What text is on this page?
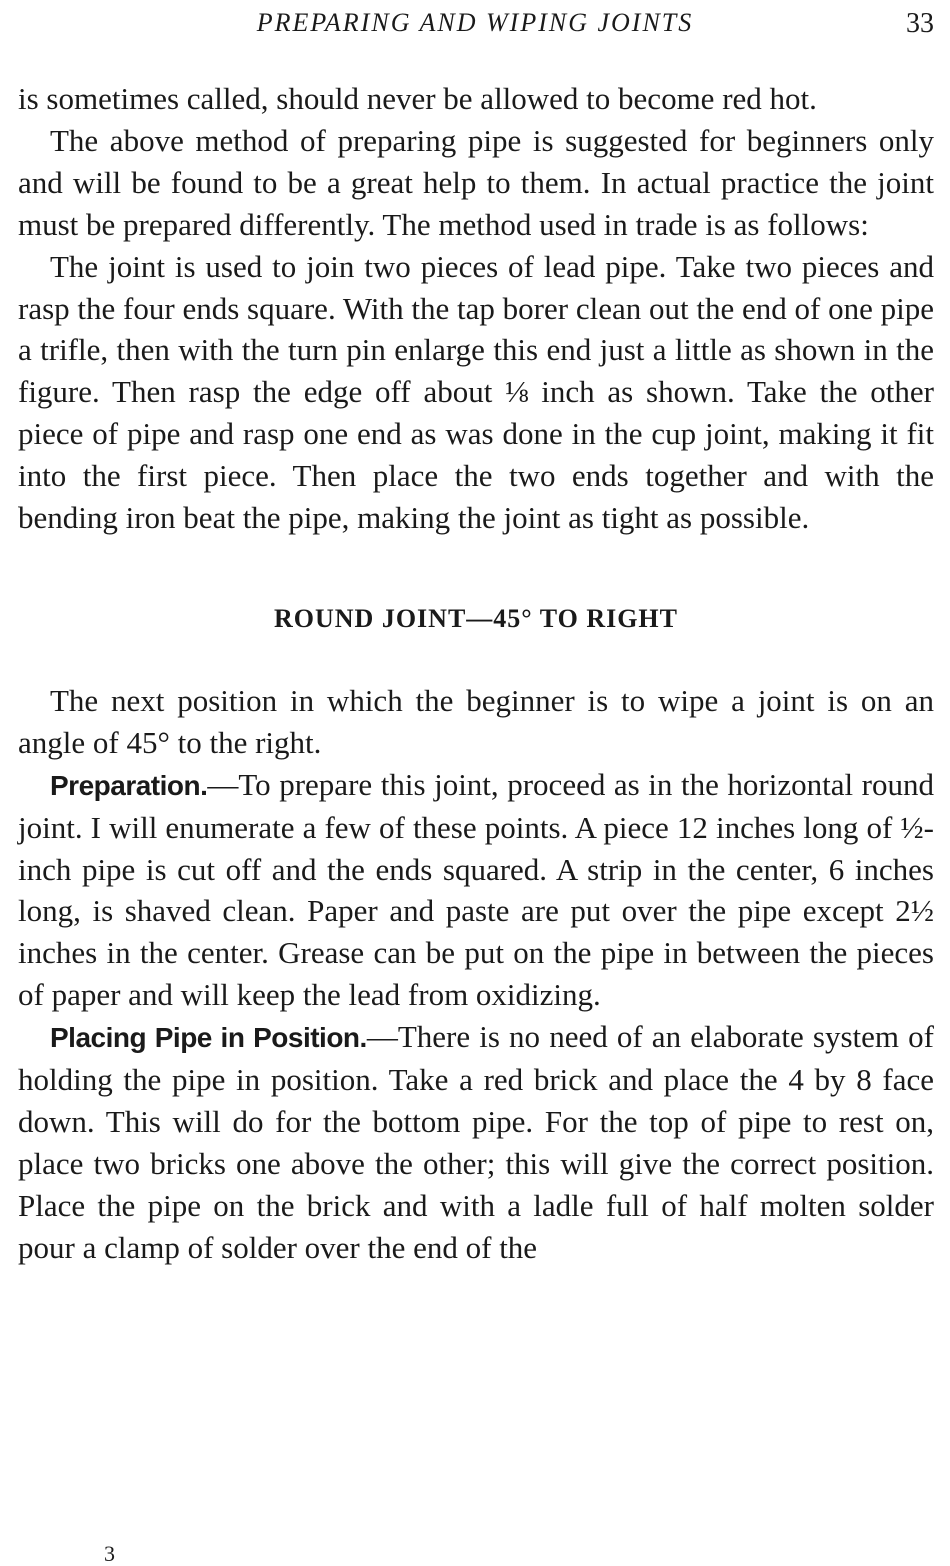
PREPARING AND WIPING JOINTS	33

is sometimes called, should never be allowed to become red hot.

The above method of preparing pipe is suggested for beginners only and will be found to be a great help to them. In actual practice the joint must be prepared differently. The method used in trade is as follows:

The joint is used to join two pieces of lead pipe. Take two pieces and rasp the four ends square. With the tap borer clean out the end of one pipe a trifle, then with the turn pin enlarge this end just a little as shown in the figure. Then rasp the edge off about ⅛ inch as shown. Take the other piece of pipe and rasp one end as was done in the cup joint, making it fit into the first piece. Then place the two ends together and with the bending iron beat the pipe, making the joint as tight as possible.

ROUND JOINT—45° TO RIGHT

The next position in which the beginner is to wipe a joint is on an angle of 45° to the right.

Preparation.—To prepare this joint, proceed as in the horizontal round joint. I will enumerate a few of these points. A piece 12 inches long of ½-inch pipe is cut off and the ends squared. A strip in the center, 6 inches long, is shaved clean. Paper and paste are put over the pipe except 2½ inches in the center. Grease can be put on the pipe in between the pieces of paper and will keep the lead from oxidizing.

Placing Pipe in Position.—There is no need of an elaborate system of holding the pipe in position. Take a red brick and place the 4 by 8 face down. This will do for the bottom pipe. For the top of pipe to rest on, place two bricks one above the other; this will give the correct position. Place the pipe on the brick and with a ladle full of half molten solder pour a clamp of solder over the end of the

3
